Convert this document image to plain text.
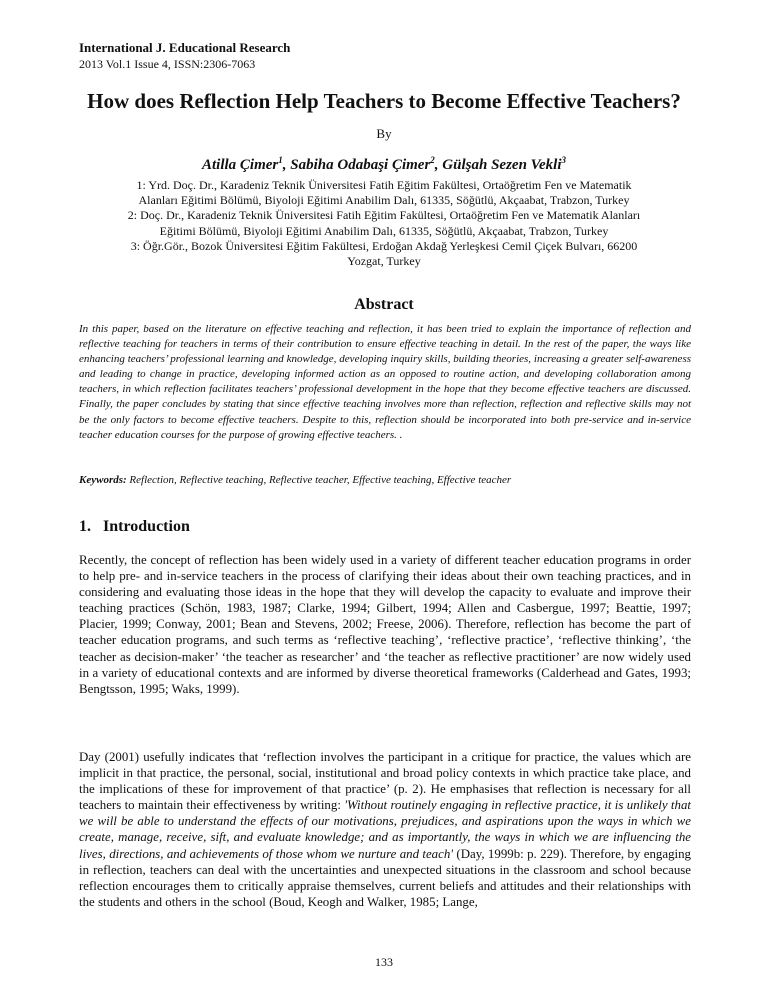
International J. Educational Research
2013 Vol.1 Issue 4, ISSN:2306-7063
How does Reflection Help Teachers to Become Effective Teachers?
By
Atilla Çimer$^1$, Sabiha Odabaşi Çimer$^2$, Gülşah Sezen Vekli$^3$
1: Yrd. Doç. Dr., Karadeniz Teknik Üniversitesi Fatih Eğitim Fakültesi, Ortaöğretim Fen ve Matematik
Alanları Eğitimi Bölümü, Biyoloji Eğitimi Anabilim Dalı, 61335, Söğütlü, Akçaabat, Trabzon, Turkey
2: Doç. Dr., Karadeniz Teknik Üniversitesi Fatih Eğitim Fakültesi, Ortaöğretim Fen ve Matematik Alanları
Eğitimi Bölümü, Biyoloji Eğitimi Anabilim Dalı, 61335, Söğütlü, Akçaabat, Trabzon, Turkey
3: Öğr.Gör., Bozok Üniversitesi Eğitim Fakültesi, Erdoğan Akdağ Yerleşkesi Cemil Çiçek Bulvarı, 66200
Yozgat, Turkey
Abstract

In this paper, based on the literature on effective teaching and reflection, it has been tried to explain the importance of reflection and reflective teaching for teachers in terms of their contribution to ensure effective teaching in detail. In the rest of the paper, the ways like enhancing teachers’ professional learning and knowledge, developing inquiry skills, building theories, increasing a greater self-awareness and leading to change in practice, developing informed action as an opposed to routine action, and developing collaboration among teachers, in which reflection facilitates teachers’ professional development in the hope that they become effective teachers are discussed. Finally, the paper concludes by stating that since effective teaching involves more than reflection, reflection and reflective skills may not be the only factors to become effective teachers. Despite to this, reflection should be incorporated into both pre-service and in-service teacher education courses for the purpose of growing effective teachers. .

Keywords: Reflection, Reflective teaching, Reflective teacher, Effective teaching, Effective teacher
1. Introduction

Recently, the concept of reflection has been widely used in a variety of different teacher education programs in order to help pre- and in-service teachers in the process of clarifying their ideas about their own teaching practices, and in considering and evaluating those ideas in the hope that they will develop the capacity to evaluate and improve their teaching practices (Schön, 1983, 1987; Clarke, 1994; Gilbert, 1994; Allen and Casbergue, 1997; Beattie, 1997; Placier, 1999; Conway, 2001; Bean and Stevens, 2002; Freese, 2006). Therefore, reflection has become the part of teacher education programs, and such terms as ‘reflective teaching’, ‘reflective practice’, ‘reflective thinking’, ‘the teacher as decision-maker’ ‘the teacher as researcher’ and ‘the teacher as reflective practitioner’ are now widely used in a variety of educational contexts and are informed by diverse theoretical frameworks (Calderhead and Gates, 1993; Bengtsson, 1995; Waks, 1999).

Day (2001) usefully indicates that ‘reflection involves the participant in a critique for practice, the values which are implicit in that practice, the personal, social, institutional and broad policy contexts in which practice take place, and the implications of these for improvement of that practice’ (p. 2). He emphasises that reflection is necessary for all teachers to maintain their effectiveness by writing: 'Without routinely engaging in reflective practice, it is unlikely that we will be able to understand the effects of our motivations, prejudices, and aspirations upon the ways in which we create, manage, receive, sift, and evaluate knowledge; and as importantly, the ways in which we are influencing the lives, directions, and achievements of those whom we nurture and teach' (Day, 1999b: p. 229). Therefore, by engaging in reflection, teachers can deal with the uncertainties and unexpected situations in the classroom and school because reflection encourages them to critically appraise themselves, current beliefs and attitudes and their relationships with the students and others in the school (Boud, Keogh and Walker, 1985; Lange,

133
